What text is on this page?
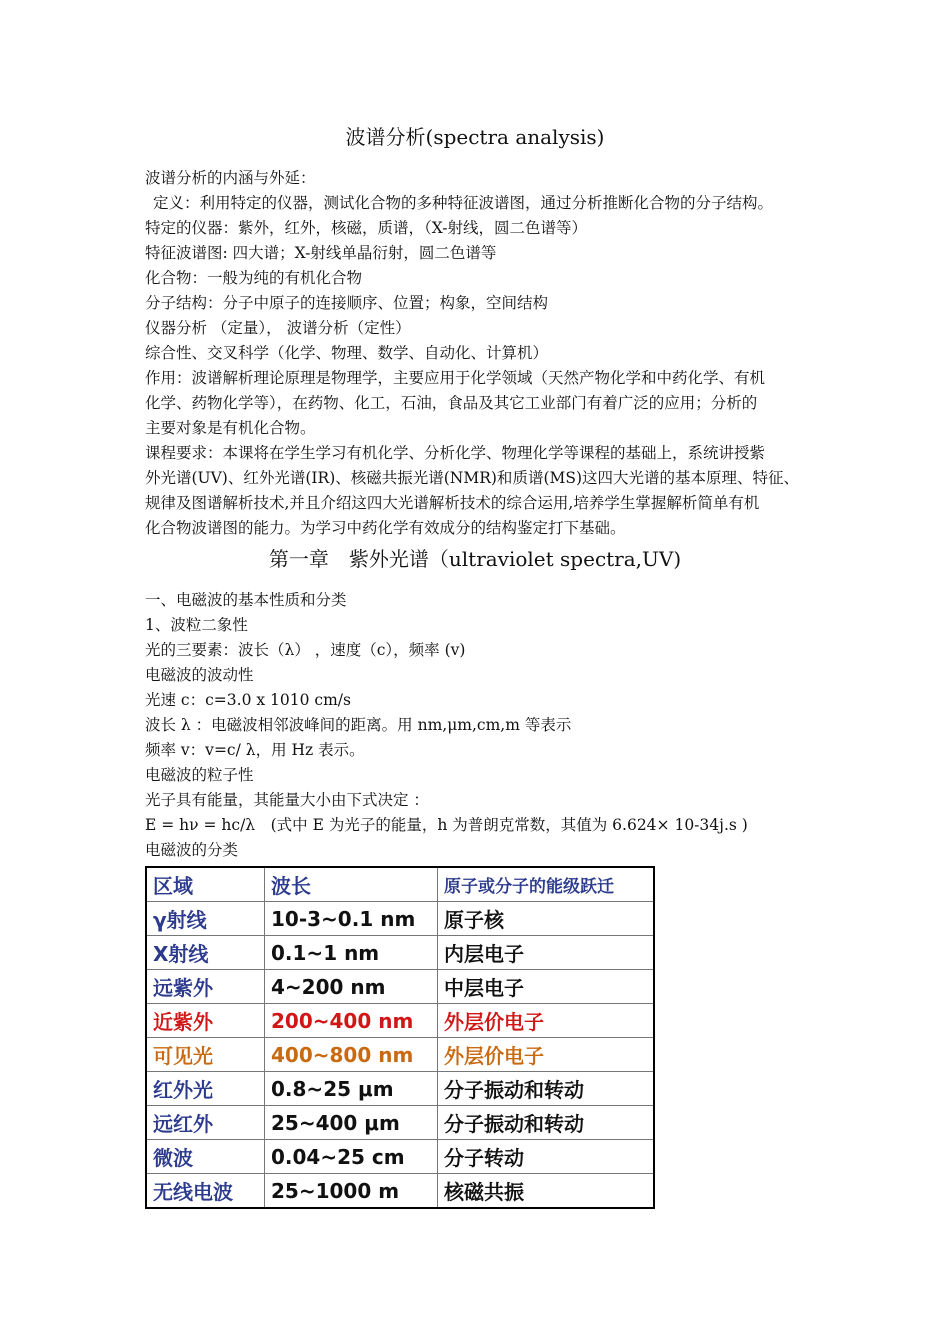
波谱分析(spectra analysis)
波谱分析的内涵与外延：
定义：利用特定的仪器，测试化合物的多种特征波谱图，通过分析推断化合物的分子结构。
特定的仪器：紫外，红外，核磁，质谱，（X-射线，圆二色谱等）
特征波谱图: 四大谱；X-射线单晶衍射，圆二色谱等
化合物：一般为纯的有机化合物
分子结构：分子中原子的连接顺序、位置；构象，空间结构
仪器分析 （定量）， 波谱分析（定性）
综合性、交叉科学（化学、物理、数学、自动化、计算机）
作用：波谱解析理论原理是物理学，主要应用于化学领域（天然产物化学和中药化学、有机
化学、药物化学等），在药物、化工，石油，食品及其它工业部门有着广泛的应用；分析的
主要对象是有机化合物。
课程要求：本课将在学生学习有机化学、分析化学、物理化学等课程的基础上，系统讲授紫
外光谱(UV)、红外光谱(IR)、核磁共振光谱(NMR)和质谱(MS)这四大光谱的基本原理、特征、
规律及图谱解析技术,并且介绍这四大光谱解析技术的综合运用,培养学生掌握解析简单有机
化合物波谱图的能力。为学习中药化学有效成分的结构鉴定打下基础。
第一章　紫外光谱（ultraviolet spectra,UV)
一、电磁波的基本性质和分类
1、波粒二象性
光的三要素：波长（λ） ，速度（c），频率 (v)
电磁波的波动性
光速 c：c=3.0 x 1010 cm/s
波长 λ ：电磁波相邻波峰间的距离。用 nm,μm,cm,m 等表示
频率 v：v=c/ λ，用 Hz 表示。
电磁波的粒子性
光子具有能量，其能量大小由下式决定 ：
E = hν = hc/λ　(式中 E 为光子的能量，h 为普朗克常数，其值为 6.624× 10-34j.s )
电磁波的分类
区域	波长	原子或分子的能级跃迁
γ射线	10-3~0.1 nm	原子核
X射线	0.1~1 nm	内层电子
远紫外	4~200 nm	中层电子
近紫外	200~400 nm	外层价电子
可见光	400~800 nm	外层价电子
红外光	0.8~25 μm	分子振动和转动
远红外	25~400 μm	分子振动和转动
微波	0.04~25 cm	分子转动
无线电波	25~1000 m	核磁共振
